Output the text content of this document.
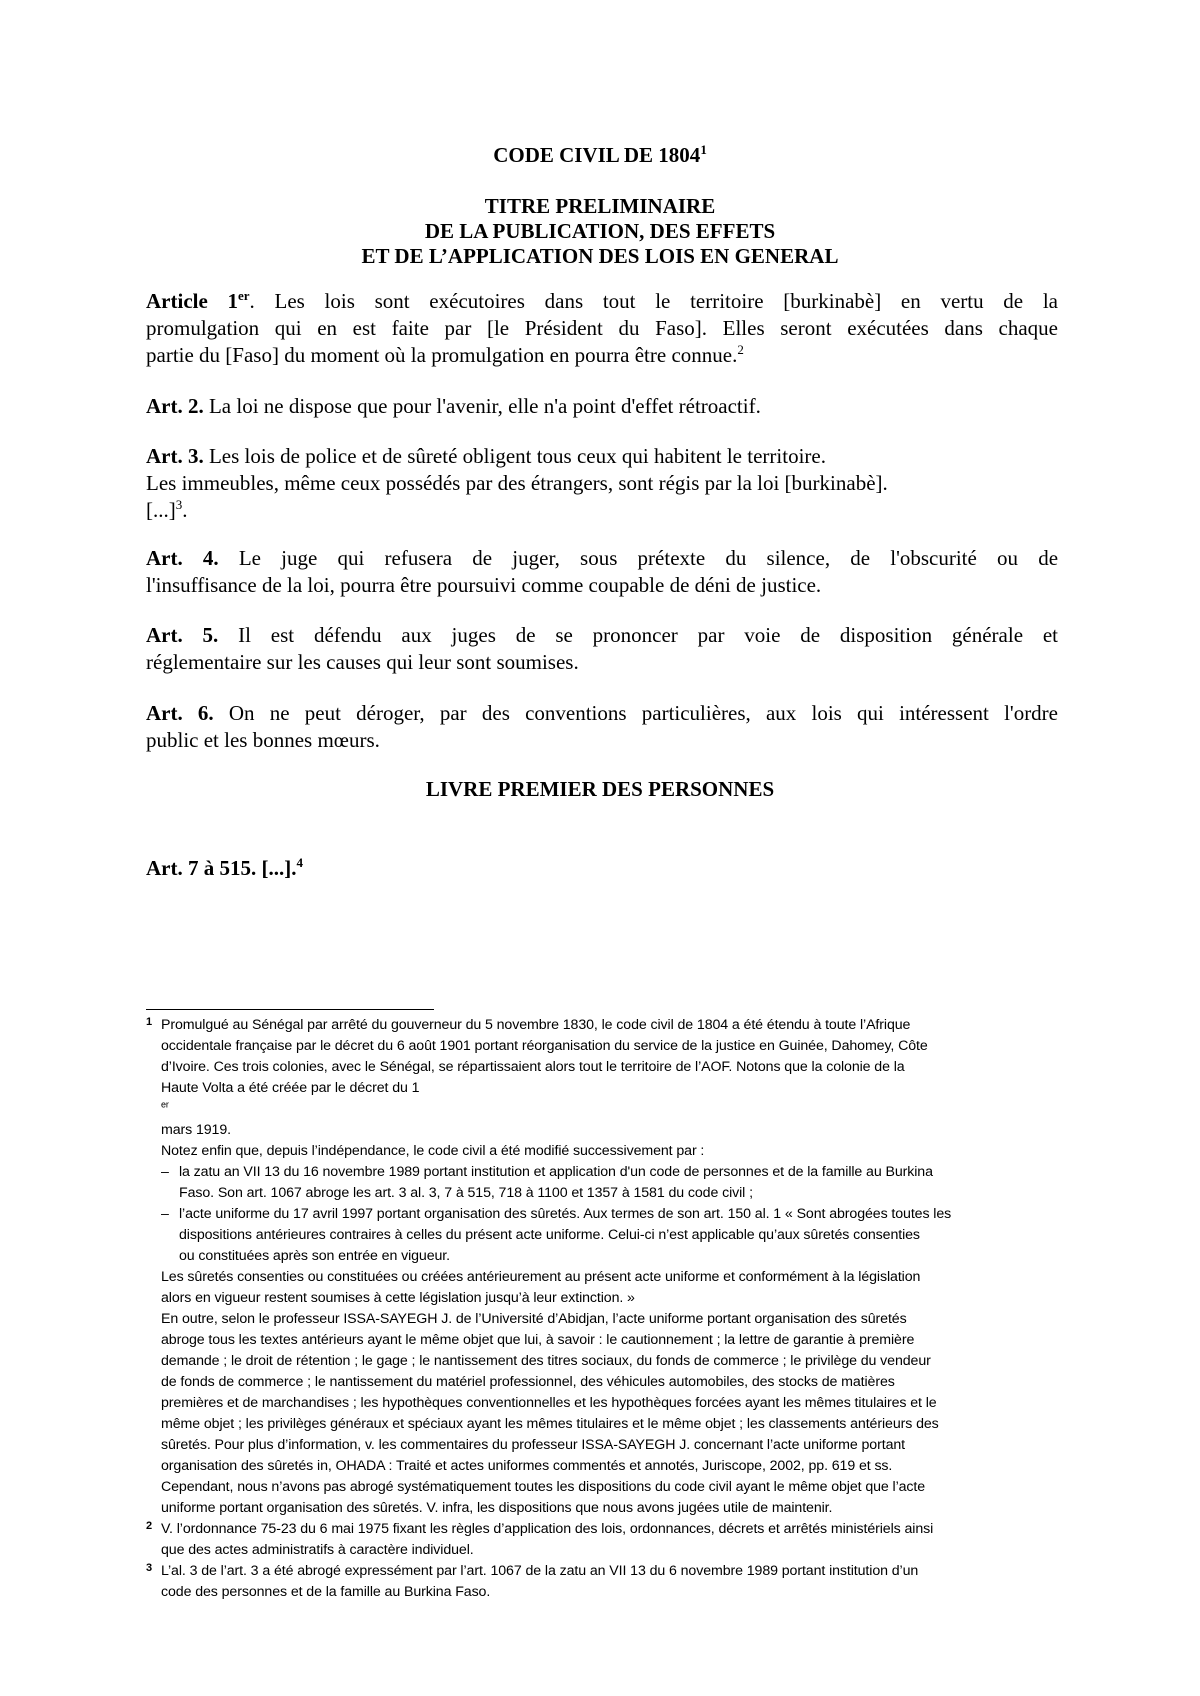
CODE CIVIL DE 1804$^1$
TITRE PRELIMINAIRE
DE LA PUBLICATION, DES EFFETS
ET DE L’APPLICATION DES LOIS EN GENERAL
Article 1er. Les lois sont exécutoires dans tout le territoire [burkinabè] en vertu de la
promulgation qui en est faite par [le Président du Faso]. Elles seront exécutées dans chaque
partie du [Faso] du moment où la promulgation en pourra être connue.$^2$
Art. 2. La loi ne dispose que pour l'avenir, elle n'a point d'effet rétroactif.
Art. 3. Les lois de police et de sûreté obligent tous ceux qui habitent le territoire.
Les immeubles, même ceux possédés par des étrangers, sont régis par la loi [burkinabè].
[...]$^3$.
Art. 4. Le juge qui refusera de juger, sous prétexte du silence, de l'obscurité ou de
l'insuffisance de la loi, pourra être poursuivi comme coupable de déni de justice.
Art. 5. Il est défendu aux juges de se prononcer par voie de disposition générale et
réglementaire sur les causes qui leur sont soumises.
Art. 6. On ne peut déroger, par des conventions particulières, aux lois qui intéressent l'ordre
public et les bonnes mœurs.
LIVRE PREMIER DES PERSONNES
Art. 7 à 515. [...].$^4$
1 Promulgué au Sénégal par arrêté du gouverneur du 5 novembre 1830, le code civil de 1804 a été étendu à toute l’Afrique
occidentale française par le décret du 6 août 1901 portant réorganisation du service de la justice en Guinée, Dahomey, Côte
d’Ivoire. Ces trois colonies, avec le Sénégal, se répartissaient alors tout le territoire de l’AOF. Notons que la colonie de la
Haute Volta a été créée par le décret du 1
$^{er}$
mars 1919.
Notez enfin que, depuis l’indépendance, le code civil a été modifié successivement par :
– la zatu an VII 13 du 16 novembre 1989 portant institution et application d'un code de personnes et de la famille au Burkina
Faso. Son art. 1067 abroge les art. 3 al. 3, 7 à 515, 718 à 1100 et 1357 à 1581 du code civil ;
– l’acte uniforme du 17 avril 1997 portant organisation des sûretés. Aux termes de son art. 150 al. 1 « Sont abrogées toutes les
dispositions antérieures contraires à celles du présent acte uniforme. Celui-ci n’est applicable qu’aux sûretés consenties
ou constituées après son entrée en vigueur.
Les sûretés consenties ou constituées ou créées antérieurement au présent acte uniforme et conformément à la législation
alors en vigueur restent soumises à cette législation jusqu’à leur extinction. »
En outre, selon le professeur ISSA-SAYEGH J. de l’Université d’Abidjan, l’acte uniforme portant organisation des sûretés
abroge tous les textes antérieurs ayant le même objet que lui, à savoir : le cautionnement ; la lettre de garantie à première
demande ; le droit de rétention ; le gage ; le nantissement des titres sociaux, du fonds de commerce ; le privilège du vendeur
de fonds de commerce ; le nantissement du matériel professionnel, des véhicules automobiles, des stocks de matières
premières et de marchandises ; les hypothèques conventionnelles et les hypothèques forcées ayant les mêmes titulaires et le
même objet ; les privilèges généraux et spéciaux ayant les mêmes titulaires et le même objet ; les classements antérieurs des
sûretés. Pour plus d’information, v. les commentaires du professeur ISSA-SAYEGH J. concernant l’acte uniforme portant
organisation des sûretés in, OHADA : Traité et actes uniformes commentés et annotés, Juriscope, 2002, pp. 619 et ss.
Cependant, nous n’avons pas abrogé systématiquement toutes les dispositions du code civil ayant le même objet que l’acte
uniforme portant organisation des sûretés. V. infra, les dispositions que nous avons jugées utile de maintenir.
2 V. l’ordonnance 75-23 du 6 mai 1975 fixant les règles d’application des lois, ordonnances, décrets et arrêtés ministériels ainsi
que des actes administratifs à caractère individuel.
3 L’al. 3 de l’art. 3 a été abrogé expressément par l’art. 1067 de la zatu an VII 13 du 6 novembre 1989 portant institution d’un
code des personnes et de la famille au Burkina Faso.
